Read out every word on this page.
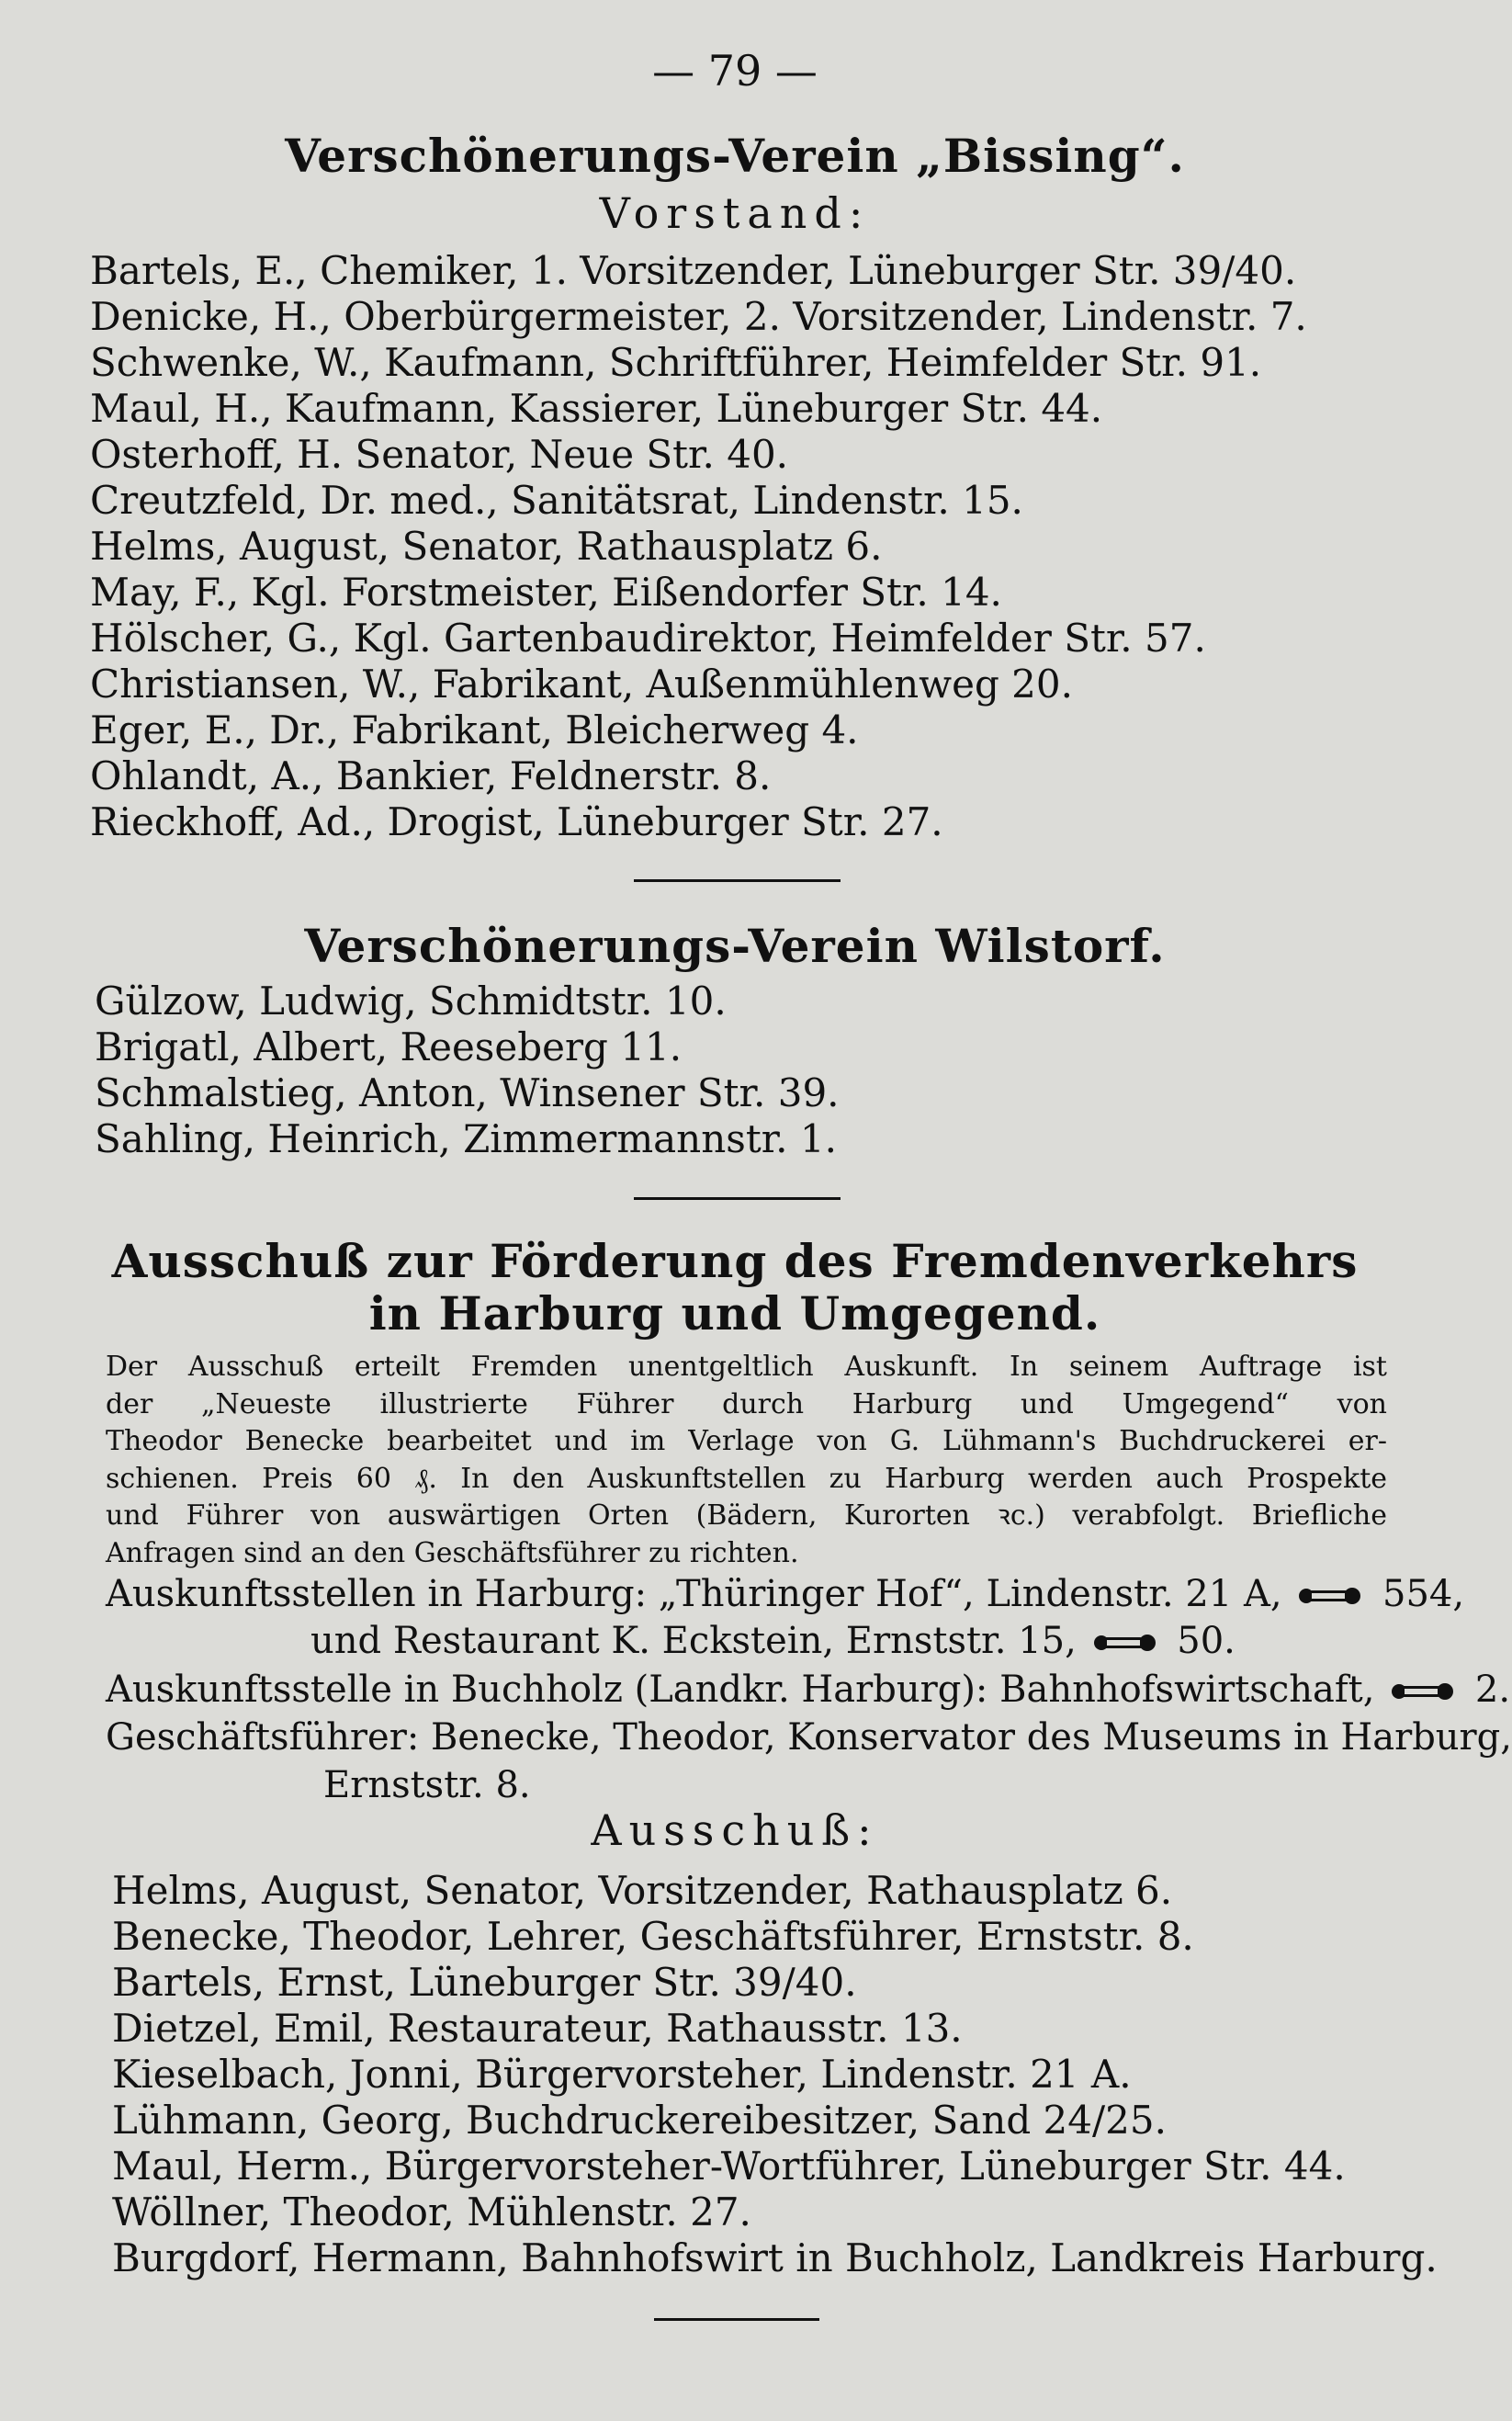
— 79 —
Verschönerungs-Verein „Bissing“.
Vorstand:
Bartels, E., Chemiker, 1. Vorsitzender, Lüneburger Str. 39/40.
Denicke, H., Oberbürgermeister, 2. Vorsitzender, Lindenstr. 7.
Schwenke, W., Kaufmann, Schriftführer, Heimfelder Str. 91.
Maul, H., Kaufmann, Kassierer, Lüneburger Str. 44.
Osterhoff, H. Senator, Neue Str. 40.
Creutzfeld, Dr. med., Sanitätsrat, Lindenstr. 15.
Helms, August, Senator, Rathausplatz 6.
May, F., Kgl. Forstmeister, Eißendorfer Str. 14.
Hölscher, G., Kgl. Gartenbaudirektor, Heimfelder Str. 57.
Christiansen, W., Fabrikant, Außenmühlenweg 20.
Eger, E., Dr., Fabrikant, Bleicherweg 4.
Ohlandt, A., Bankier, Feldnerstr. 8.
Rieckhoff, Ad., Drogist, Lüneburger Str. 27.
Verschönerungs-Verein Wilstorf.
Gülzow, Ludwig, Schmidtstr. 10.
Brigatl, Albert, Reeseberg 11.
Schmalstieg, Anton, Winsener Str. 39.
Sahling, Heinrich, Zimmermannstr. 1.
Ausschuß zur Förderung des Fremdenverkehrs
in Harburg und Umgegend.
Der Ausschuß erteilt Fremden unentgeltlich Auskunft. In seinem Auftrage ist
der „Neueste illustrierte Führer durch Harburg und Umgegend“ von
Theodor Benecke bearbeitet und im Verlage von G. Lühmann's Buchdruckerei er-
schienen. Preis 60 ₰. In den Auskunftstellen zu Harburg werden auch Prospekte
und Führer von auswärtigen Orten (Bädern, Kurorten ꝛc.) verabfolgt. Briefliche
Anfragen sind an den Geschäftsführer zu richten.
Auskunftsstellen in Harburg: „Thüringer Hof“, Lindenstr. 21 A,	554,
und Restaurant K. Eckstein, Ernststr. 15,	50.
Auskunftsstelle in Buchholz (Landkr. Harburg): Bahnhofswirtschaft,	2.
Geschäftsführer: Benecke, Theodor, Konservator des Museums in Harburg,
Ernststr. 8.
Ausschuß:
Helms, August, Senator, Vorsitzender, Rathausplatz 6.
Benecke, Theodor, Lehrer, Geschäftsführer, Ernststr. 8.
Bartels, Ernst, Lüneburger Str. 39/40.
Dietzel, Emil, Restaurateur, Rathausstr. 13.
Kieselbach, Jonni, Bürgervorsteher, Lindenstr. 21 A.
Lühmann, Georg, Buchdruckereibesitzer, Sand 24/25.
Maul, Herm., Bürgervorsteher-Wortführer, Lüneburger Str. 44.
Wöllner, Theodor, Mühlenstr. 27.
Burgdorf, Hermann, Bahnhofswirt in Buchholz, Landkreis Harburg.
